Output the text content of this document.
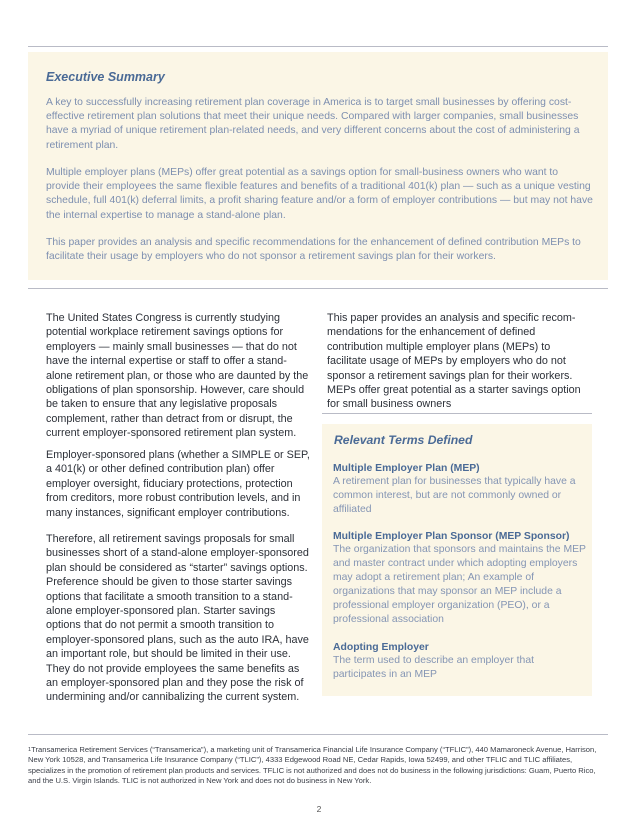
Executive Summary

A key to successfully increasing retirement plan coverage in America is to target small businesses by offering cost-effective retirement plan solutions that meet their unique needs. Compared with larger companies, small businesses have a myriad of unique retirement plan-related needs, and very different concerns about the cost of administering a retirement plan.

Multiple employer plans (MEPs) offer great potential as a savings option for small-business owners who want to provide their employees the same flexible features and benefits of a traditional 401(k) plan — such as a unique vesting schedule, full 401(k) deferral limits, a profit sharing feature and/or a form of employer contributions — but may not have the internal expertise to manage a stand-alone plan.

This paper provides an analysis and specific recommendations for the enhancement of defined contribution MEPs to facilitate their usage by employers who do not sponsor a retirement savings plan for their workers.

The United States Congress is currently studying potential workplace retirement savings options for employers — mainly small businesses — that do not have the internal expertise or staff to offer a stand-alone retirement plan, or those who are daunted by the obligations of plan sponsorship. However, care should be taken to ensure that any legislative proposals complement, rather than detract from or disrupt, the current employer-sponsored retirement plan system.

Employer-sponsored plans (whether a SIMPLE or SEP, a 401(k) or other defined contribution plan) offer employer oversight, fiduciary protections, protection from creditors, more robust contribution levels, and in many instances, significant employer contributions.

Therefore, all retirement savings proposals for small businesses short of a stand-alone employer-sponsored plan should be considered as “starter” savings options. Preference should be given to those starter savings options that facilitate a smooth transition to a stand-alone employer-sponsored plan. Starter savings options that do not permit a smooth transition to employer-sponsored plans, such as the auto IRA, have an important role, but should be limited in their use. They do not provide employees the same benefits as an employer-sponsored plan and they pose the risk of undermining and/or cannibalizing the current system.

This paper provides an analysis and specific recom-mendations for the enhancement of defined contribution multiple employer plans (MEPs) to facilitate usage of MEPs by employers who do not sponsor a retirement savings plan for their workers. MEPs offer great potential as a starter savings option for small business owners

Relevant Terms Defined

Multiple Employer Plan (MEP)

A retirement plan for businesses that typically have a common interest, but are not commonly owned or affiliated

Multiple Employer Plan Sponsor (MEP Sponsor)

The organization that sponsors and maintains the MEP and master contract under which adopting employers may adopt a retirement plan; An example of organizations that may sponsor an MEP include a professional employer organization (PEO), or a professional association

Adopting Employer

The term used to describe an employer that participates in an MEP

$^1$Transamerica Retirement Services (“Transamerica”), a marketing unit of Transamerica Financial Life Insurance Company (“TFLIC”), 440 Mamaroneck Avenue, Harrison, New York 10528, and Transamerica Life Insurance Company (“TLIC”), 4333 Edgewood Road NE, Cedar Rapids, Iowa 52499, and other TFLIC and TLIC affiliates, specializes in the promotion of retirement plan products and services. TFLIC is not authorized and does not do business in the following jurisdictions: Guam, Puerto Rico, and the U.S. Virgin Islands. TLIC is not authorized in New York and does not do business in New York.

2
